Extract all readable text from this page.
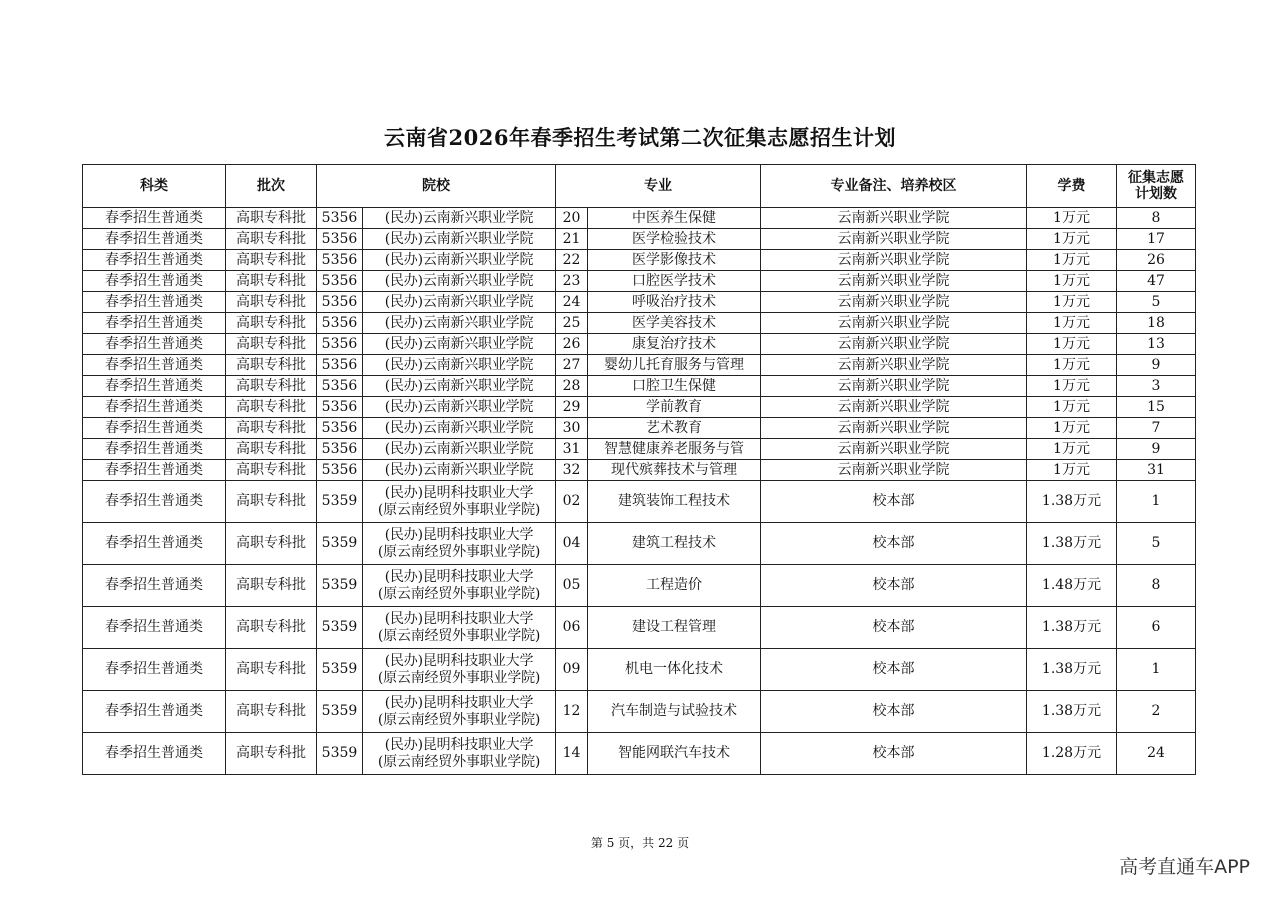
云南省2026年春季招生考试第二次征集志愿招生计划
科类	批次	院校		专业		专业备注、培养校区	学费	征集志愿
计划数

春季招生普通类	高职专科批	5356	(民办)云南新兴职业学院	20	中医养生保健	云南新兴职业学院	1万元	8
春季招生普通类	高职专科批	5356	(民办)云南新兴职业学院	21	医学检验技术	云南新兴职业学院	1万元	17
春季招生普通类	高职专科批	5356	(民办)云南新兴职业学院	22	医学影像技术	云南新兴职业学院	1万元	26
春季招生普通类	高职专科批	5356	(民办)云南新兴职业学院	23	口腔医学技术	云南新兴职业学院	1万元	47
春季招生普通类	高职专科批	5356	(民办)云南新兴职业学院	24	呼吸治疗技术	云南新兴职业学院	1万元	5
春季招生普通类	高职专科批	5356	(民办)云南新兴职业学院	25	医学美容技术	云南新兴职业学院	1万元	18
春季招生普通类	高职专科批	5356	(民办)云南新兴职业学院	26	康复治疗技术	云南新兴职业学院	1万元	13
春季招生普通类	高职专科批	5356	(民办)云南新兴职业学院	27	婴幼儿托育服务与管理	云南新兴职业学院	1万元	9
春季招生普通类	高职专科批	5356	(民办)云南新兴职业学院	28	口腔卫生保健	云南新兴职业学院	1万元	3
春季招生普通类	高职专科批	5356	(民办)云南新兴职业学院	29	学前教育	云南新兴职业学院	1万元	15
春季招生普通类	高职专科批	5356	(民办)云南新兴职业学院	30	艺术教育	云南新兴职业学院	1万元	7
春季招生普通类	高职专科批	5356	(民办)云南新兴职业学院	31	智慧健康养老服务与管	云南新兴职业学院	1万元	9
春季招生普通类	高职专科批	5356	(民办)云南新兴职业学院	32	现代殡葬技术与管理	云南新兴职业学院	1万元	31
春季招生普通类	高职专科批	5359	(民办)昆明科技职业大学
(原云南经贸外事职业学院)	02	建筑装饰工程技术	校本部	1.38万元	1
春季招生普通类	高职专科批	5359	(民办)昆明科技职业大学
(原云南经贸外事职业学院)	04	建筑工程技术	校本部	1.38万元	5
春季招生普通类	高职专科批	5359	(民办)昆明科技职业大学
(原云南经贸外事职业学院)	05	工程造价	校本部	1.48万元	8
春季招生普通类	高职专科批	5359	(民办)昆明科技职业大学
(原云南经贸外事职业学院)	06	建设工程管理	校本部	1.38万元	6
春季招生普通类	高职专科批	5359	(民办)昆明科技职业大学
(原云南经贸外事职业学院)	09	机电一体化技术	校本部	1.38万元	1
春季招生普通类	高职专科批	5359	(民办)昆明科技职业大学
(原云南经贸外事职业学院)	12	汽车制造与试验技术	校本部	1.38万元	2
春季招生普通类	高职专科批	5359	(民办)昆明科技职业大学
(原云南经贸外事职业学院)	14	智能网联汽车技术	校本部	1.28万元	24
第 5 页，共 22 页
高考直通车APP
